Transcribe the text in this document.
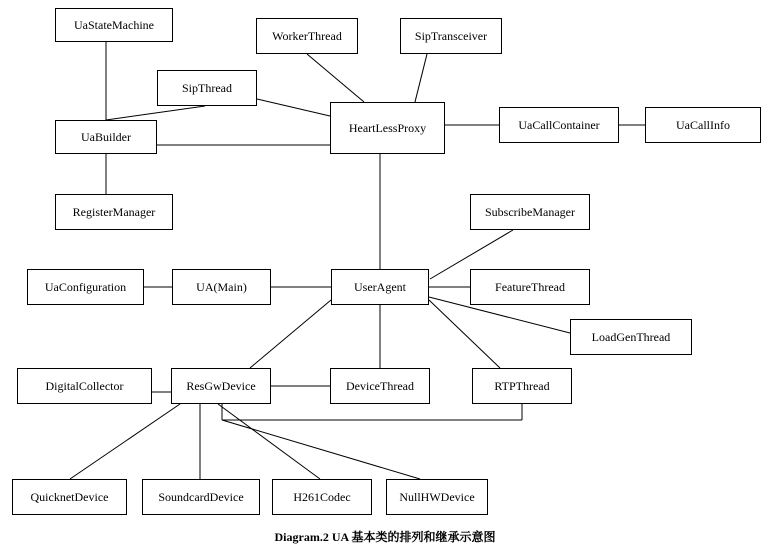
UaStateMachine
WorkerThread	SipTransceiver
SipThread
HeartLessProxy	UaCallContainer	UaCallInfo
UaBuilder
RegisterManager	SubscribeManager
UaConfiguration	UA(Main)	UserAgent	FeatureThread
LoadGenThread
DigitalCollector	ResGwDevice	DeviceThread	RTPThread
QuicknetDevice	SoundcardDevice	H261Codec	NullHWDevice
Diagram.2 UA 基本类的排列和继承示意图
